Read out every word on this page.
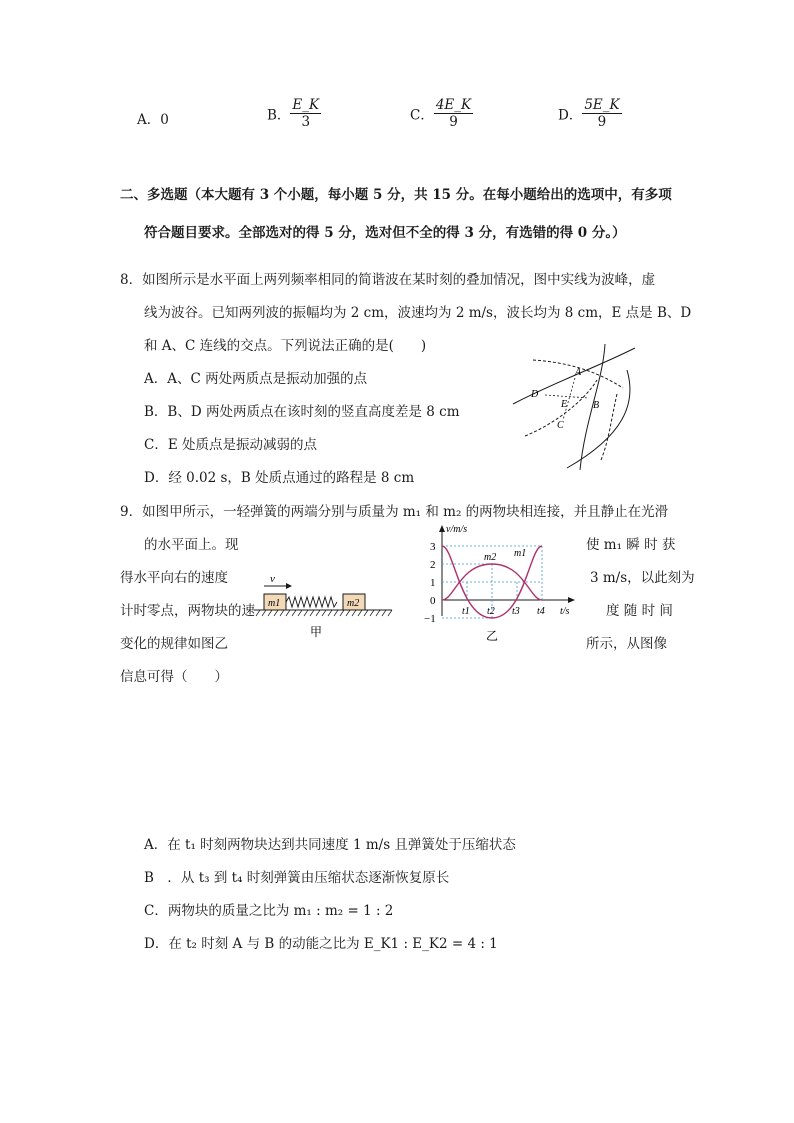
A．0	B． $\frac{E\_K}{3}$	C． $\frac{4E\_K}{9}$	D． $\frac{5E\_K}{9}$
二、多选题（本大题有 3 个小题，每小题 5 分，共 15 分。在每小题给出的选项中，有多项
符合题目要求。全部选对的得 5 分，选对但不全的得 3 分，有选错的得 0 分。）
8．如图所示是水平面上两列频率相同的简谐波在某时刻的叠加情况，图中实线为波峰，虚
线为波谷。已知两列波的振幅均为 2 cm，波速均为 2 m/s，波长均为 8 cm，E 点是 B、D
和 A、C 连线的交点。下列说法正确的是(　　)
A．A、C 两处两质点是振动加强的点
B．B、D 两处两质点在该时刻的竖直高度差是 8 cm
C．E 处质点是振动减弱的点
D．经 0.02 s，B 处质点通过的路程是 8 cm
A
B
C
D
E
9．如图甲所示，一轻弹簧的两端分别与质量为 m₁ 和 m₂ 的两物块相连接，并且静止在光滑
的水平面上。现	使 m₁ 瞬 时 获
得水平向右的速度	3 m/s，以此刻为
计时零点，两物块的速	度 随 时 间
变化的规律如图乙	所示，从图像
信息可得（　　）
v
m1	m2
甲
v/m/s
t/s
3
2
1
0
−1
m2 m1
t1 t2 t3 t4
乙
A．在 t₁ 时刻两物块达到共同速度 1 m/s 且弹簧处于压缩状态
B　．从 t₃ 到 t₄ 时刻弹簧由压缩状态逐渐恢复原长
C．两物块的质量之比为 m₁ : m₂ = 1 : 2
D．在 t₂ 时刻 A 与 B 的动能之比为 E_K1 : E_K2 = 4 : 1
